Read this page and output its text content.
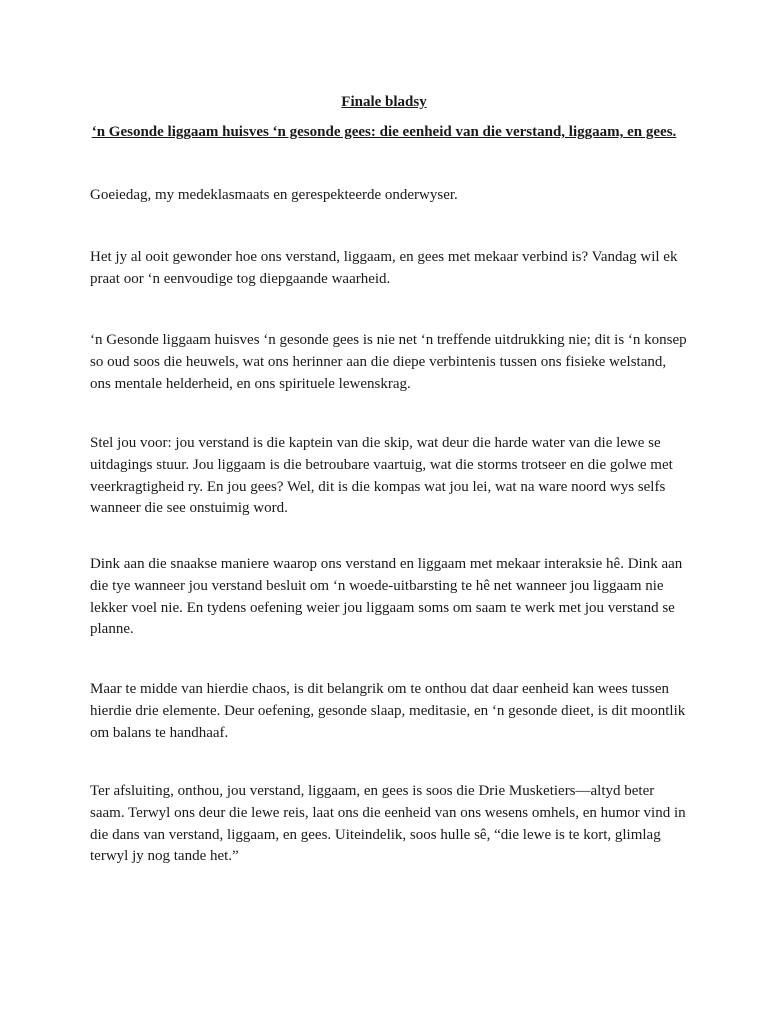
Finale bladsy
‘n Gesonde liggaam huisves ‘n gesonde gees: die eenheid van die verstand, liggaam, en gees.

Goeiedag, my medeklasmaats en gerespekteerde onderwyser.

Het jy al ooit gewonder hoe ons verstand, liggaam, en gees met mekaar verbind is? Vandag wil ek praat oor ‘n eenvoudige tog diepgaande waarheid.

‘n Gesonde liggaam huisves ‘n gesonde gees is nie net ‘n treffende uitdrukking nie; dit is ‘n konsep so oud soos die heuwels, wat ons herinner aan die diepe verbintenis tussen ons fisieke welstand, ons mentale helderheid, en ons spirituele lewenskrag.

Stel jou voor: jou verstand is die kaptein van die skip, wat deur die harde water van die lewe se uitdagings stuur. Jou liggaam is die betroubare vaartuig, wat die storms trotseer en die golwe met veerkragtigheid ry. En jou gees? Wel, dit is die kompas wat jou lei, wat na ware noord wys selfs wanneer die see onstuimig word.

Dink aan die snaakse maniere waarop ons verstand en liggaam met mekaar interaksie hê. Dink aan die tye wanneer jou verstand besluit om ‘n woede-uitbarsting te hê net wanneer jou liggaam nie lekker voel nie. En tydens oefening weier jou liggaam soms om saam te werk met jou verstand se planne.

Maar te midde van hierdie chaos, is dit belangrik om te onthou dat daar eenheid kan wees tussen hierdie drie elemente. Deur oefening, gesonde slaap, meditasie, en ‘n gesonde dieet, is dit moontlik om balans te handhaaf.

Ter afsluiting, onthou, jou verstand, liggaam, en gees is soos die Drie Musketiers—altyd beter saam. Terwyl ons deur die lewe reis, laat ons die eenheid van ons wesens omhels, en humor vind in die dans van verstand, liggaam, en gees. Uiteindelik, soos hulle sê, “die lewe is te kort, glimlag terwyl jy nog tande het.”
